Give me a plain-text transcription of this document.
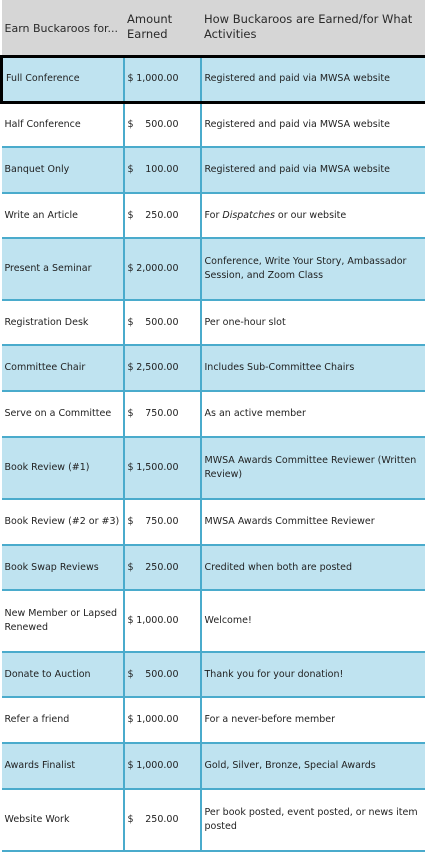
Earn Buckaroos for...	Amount Earned	How Buckaroos are Earned/for What Activities
Full Conference	$ 1,000.00	Registered and paid via MWSA website
Half Conference	$ 500.00	Registered and paid via MWSA website
Banquet Only	$ 100.00	Registered and paid via MWSA website
Write an Article	$ 250.00	For Dispatches or our website
Present a Seminar	$ 2,000.00	Conference, Write Your Story, Ambassador Session, and Zoom Class
Registration Desk	$ 500.00	Per one-hour slot
Committee Chair	$ 2,500.00	Includes Sub-Committee Chairs
Serve on a Committee	$ 750.00	As an active member
Book Review (#1)	$ 1,500.00	MWSA Awards Committee Reviewer (Written Review)
Book Review (#2 or #3)	$ 750.00	MWSA Awards Committee Reviewer
Book Swap Reviews	$ 250.00	Credited when both are posted
New Member or Lapsed Renewed	$ 1,000.00	Welcome!
Donate to Auction	$ 500.00	Thank you for your donation!
Refer a friend	$ 1,000.00	For a never-before member
Awards Finalist	$ 1,000.00	Gold, Silver, Bronze, Special Awards
Website Work	$ 250.00	Per book posted, event posted, or news item posted
